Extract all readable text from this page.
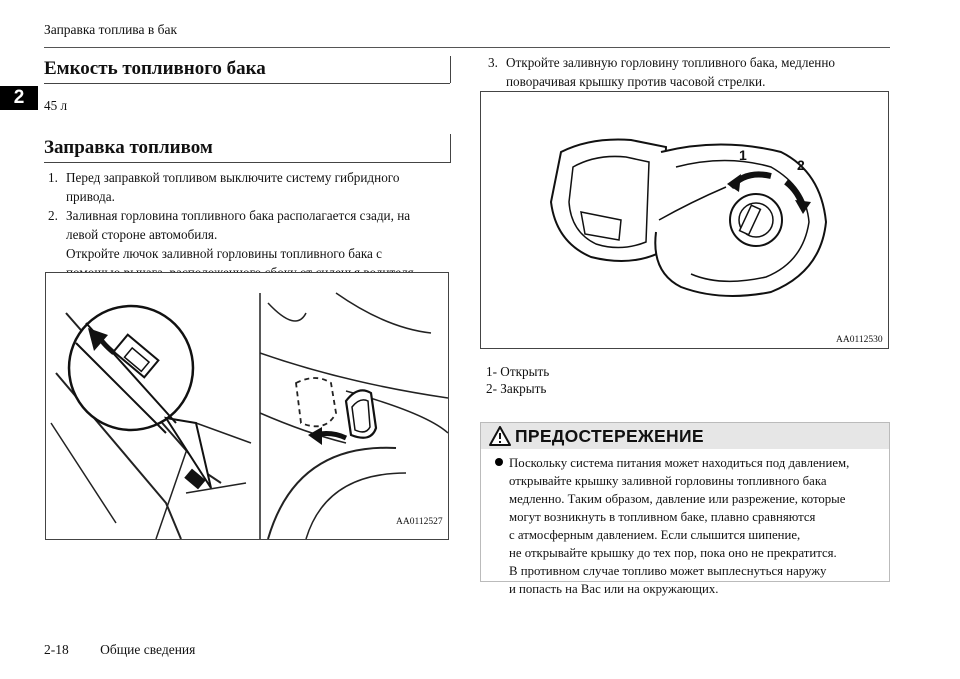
Заправка топлива в бак
2
Емкость топливного бака
45 л
Заправка топливом
1. Перед заправкой топливом выключите систему гибридного
привода.
2. Заливная горловина топливного бака располагается сзади, на
левой стороне автомобиля.
Откройте лючок заливной горловины топливного бака с
AA0112527
3. Откройте заливную горловину топливного бака, медленно
поворачивая крышку против часовой стрелки.
1
2
AA0112530
1- Открыть
2- Закрыть
ПРЕДОСТЕРЕЖЕНИЕ

Поскольку система питания может находиться под давлением,

открывайте крышку заливной горловины топливного бака

медленно. Таким образом, давление или разрежение, которые

могут возникнуть в топливном баке, плавно сравняются

с атмосферным давлением. Если слышится шипение,

не открывайте крышку до тех пор, пока оно не прекратится.

В противном случае топливо может выплеснуться наружу

и попасть на Вас или на окружающих.

2-18 Общие сведения
